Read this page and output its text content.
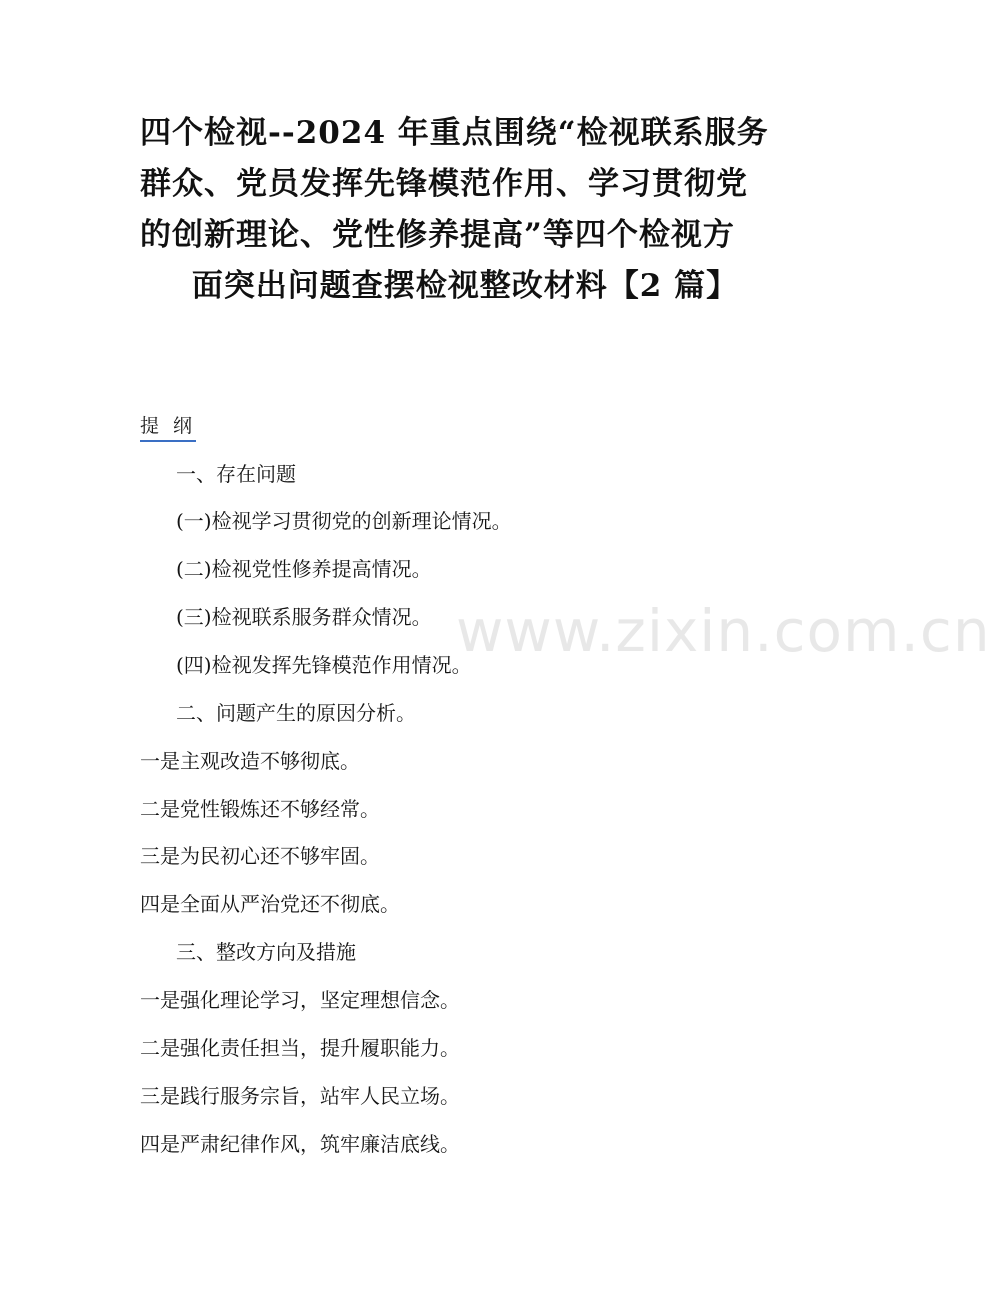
四个检视--2024 年重点围绕“检视联系服务
群众、党员发挥先锋模范作用、学习贯彻党
的创新理论、党性修养提高”等四个检视方
面突出问题查摆检视整改材料【2 篇】
提 纲
一、存在问题
(一)检视学习贯彻党的创新理论情况。
(二)检视党性修养提高情况。
(三)检视联系服务群众情况。
(四)检视发挥先锋模范作用情况。
二、问题产生的原因分析。
一是主观改造不够彻底。
二是党性锻炼还不够经常。
三是为民初心还不够牢固。
四是全面从严治党还不彻底。
三、整改方向及措施
一是强化理论学习，坚定理想信念。
二是强化责任担当，提升履职能力。
三是践行服务宗旨，站牢人民立场。
四是严肃纪律作风，筑牢廉洁底线。
www.zixin.com.cn
